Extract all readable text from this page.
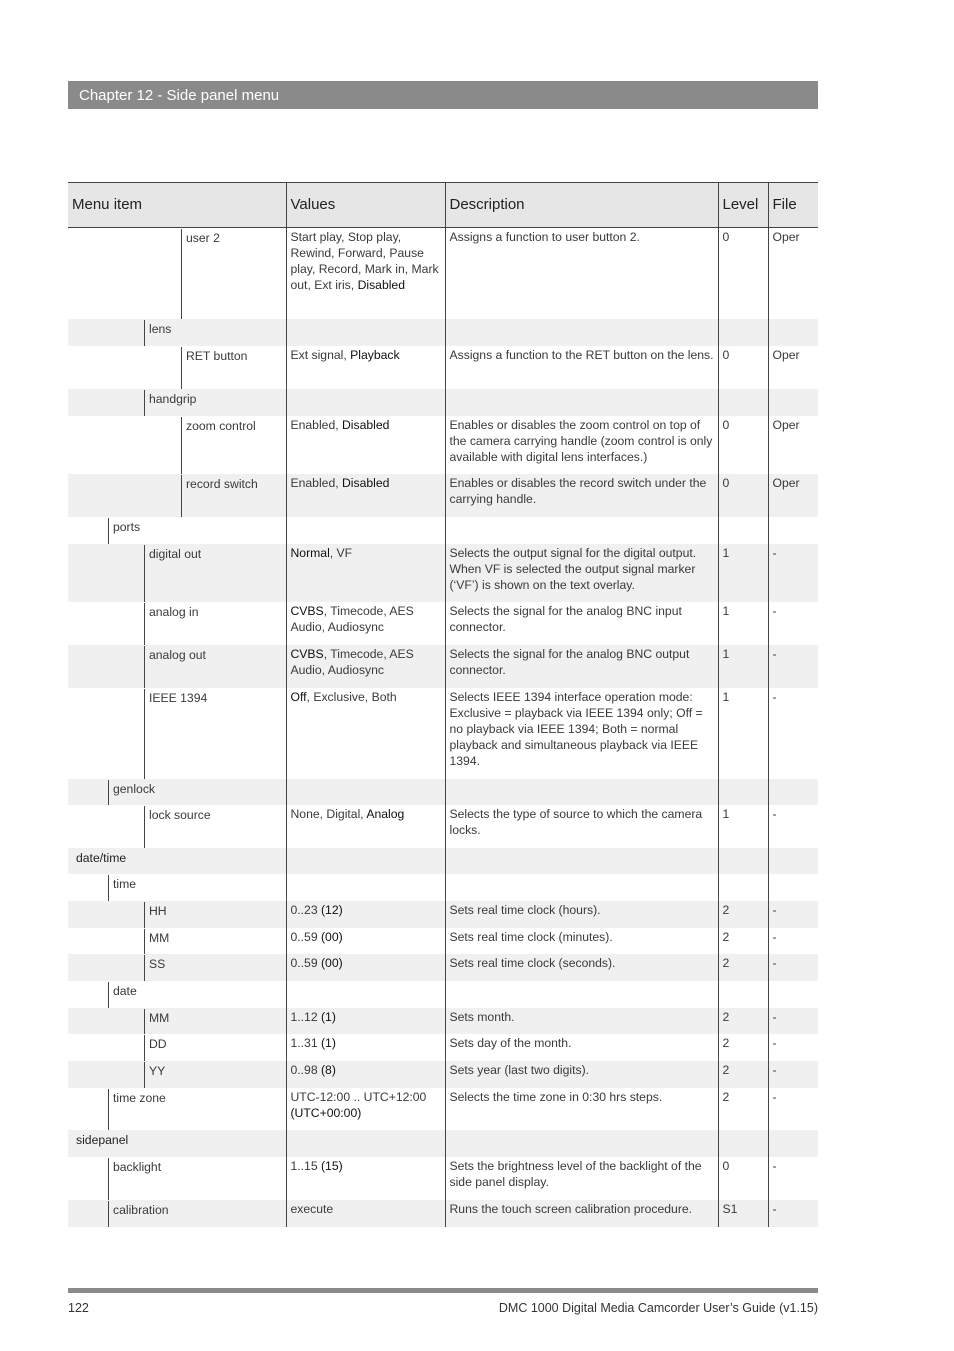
Chapter 12 - Side panel menu
Menu item	Values	Description	Level	File

user 2	Start play, Stop play, Rewind, Forward, Pause play, Record, Mark in, Mark out, Ext iris, Disabled	Assigns a function to user button 2.	0	Oper

lens				

RET button	Ext signal, Playback	Assigns a function to the RET button on the lens.	0	Oper

handgrip				

zoom control	Enabled, Disabled	Enables or disables the zoom control on top of the camera carrying handle (zoom control is only available with digital lens interfaces.)	0	Oper

record switch	Enabled, Disabled	Enables or disables the record switch under the carrying handle.	0	Oper

ports				

digital out	Normal, VF	Selects the output signal for the digital output. When VF is selected the output signal marker (‘VF’) is shown on the text overlay.	1	-

analog in	CVBS, Timecode, AES Audio, Audiosync	Selects the signal for the analog BNC input connector.	1	-

analog out	CVBS, Timecode, AES Audio, Audiosync	Selects the signal for the analog BNC output connector.	1	-

IEEE 1394	Off, Exclusive, Both	Selects IEEE 1394 interface operation mode: Exclusive = playback via IEEE 1394 only; Off = no playback via IEEE 1394; Both = normal playback and simultaneous playback via IEEE 1394.	1	-

genlock				

lock source	None, Digital, Analog	Selects the type of source to which the camera locks.	1	-

date/time				

time				

HH	0..23 (12)	Sets real time clock (hours).	2	-

MM	0..59 (00)	Sets real time clock (minutes).	2	-

SS	0..59 (00)	Sets real time clock (seconds).	2	-

date				

MM	1..12 (1)	Sets month.	2	-

DD	1..31 (1)	Sets day of the month.	2	-

YY	0..98 (8)	Sets year (last two digits).	2	-

time zone	UTC-12:00 .. UTC+12:00 (UTC+00:00)	Selects the time zone in 0:30 hrs steps.	2	-

sidepanel				

backlight	1..15 (15)	Sets the brightness level of the backlight of the side panel display.	0	-

calibration	execute	Runs the touch screen calibration procedure.	S1	-
122	DMC 1000 Digital Media Camcorder User’s Guide (v1.15)
